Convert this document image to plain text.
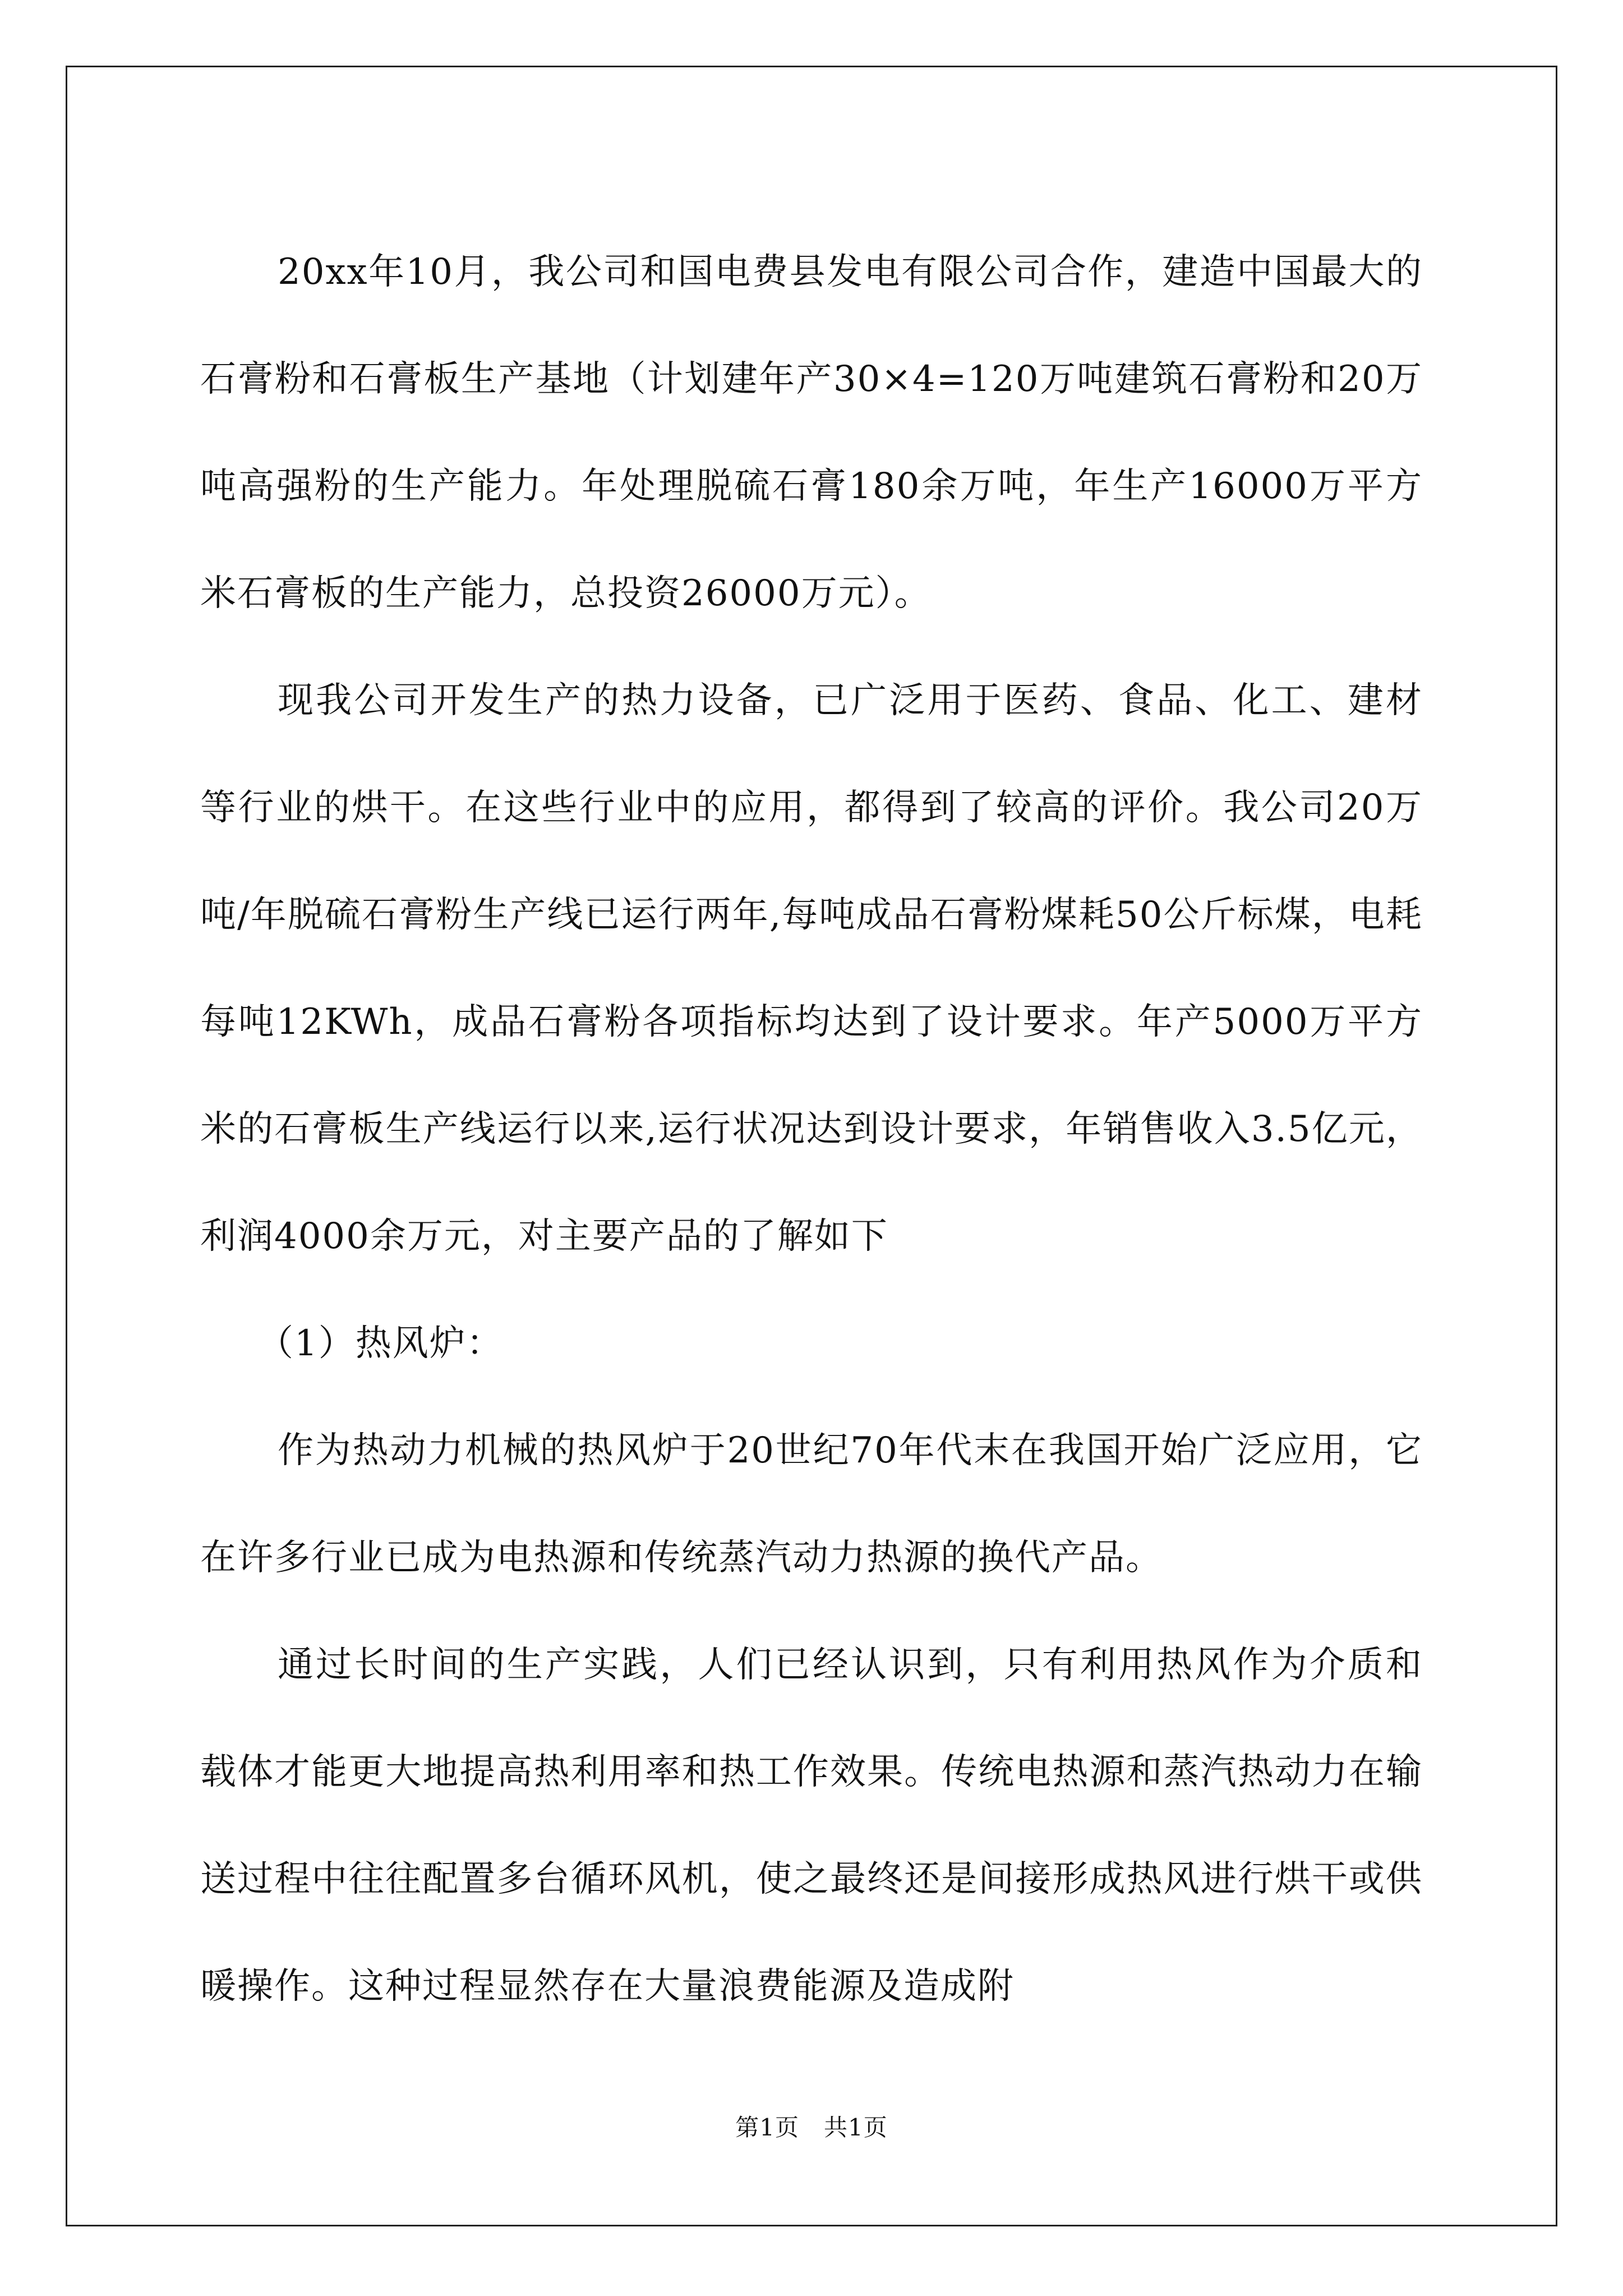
20xx年10月，我公司和国电费县发电有限公司合作，建造中国最大的石膏粉和石膏板生产基地（计划建年产30×4=120万吨建筑石膏粉和20万吨高强粉的生产能力。年处理脱硫石膏180余万吨，年生产16000万平方米石膏板的生产能力，总投资26000万元）。

现我公司开发生产的热力设备，已广泛用于医药、食品、化工、建材等行业的烘干。在这些行业中的应用，都得到了较高的评价。我公司20万吨/年脱硫石膏粉生产线已运行两年,每吨成品石膏粉煤耗50公斤标煤，电耗每吨12KWh，成品石膏粉各项指标均达到了设计要求。年产5000万平方米的石膏板生产线运行以来,运行状况达到设计要求，年销售收入3.5亿元，利润4000余万元，对主要产品的了解如下

（1）热风炉：

作为热动力机械的热风炉于20世纪70年代末在我国开始广泛应用，它在许多行业已成为电热源和传统蒸汽动力热源的换代产品。

通过长时间的生产实践，人们已经认识到，只有利用热风作为介质和载体才能更大地提高热利用率和热工作效果。传统电热源和蒸汽热动力在输送过程中往往配置多台循环风机，使之最终还是间接形成热风进行烘干或供暖操作。这种过程显然存在大量浪费能源及造成附

第1页 共1页
